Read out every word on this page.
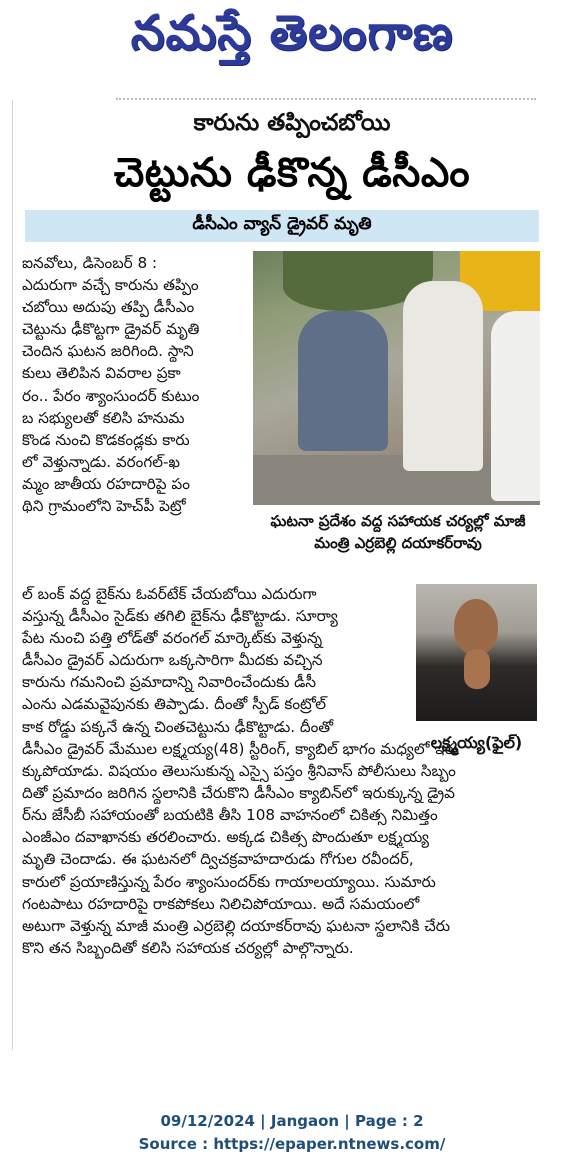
నమస్తే తెలంగాణ
కారును తప్పించబోయి
చెట్టును ఢీకొన్న డీసీఎం
డీసీఎం వ్యాన్ డ్రైవర్ మృతి
ఐనవోలు, డిసెంబర్ 8 :
ఎదురుగా వచ్చే కారును తప్పిం
చబోయి అదుపు తప్పి డీసీఎం
చెట్టును ఢీకొట్టగా డ్రైవర్ మృతి
చెందిన ఘటన జరిగింది. స్థాని
కులు తెలిపిన వివరాల ప్రకా
రం.. పేరం శ్యాంసుందర్ కుటుం
బ సభ్యులతో కలిసి హనుమ
కొండ నుంచి కొడకండ్లకు కారు
లో వెళ్తున్నాడు. వరంగల్-ఖ
మ్మం జాతీయ రహదారిపై పం
థిని గ్రామంలోని హెచ్‌పీ పెట్రో
ఘటనా ప్రదేశం వద్ద సహాయక చర్యల్లో మాజీ మంత్రి ఎర్రబెల్లి దయాకర్‌రావు
ల్ బంక్ వద్ద బైక్‌ను ఓవర్‌టేక్ చేయబోయి ఎదురుగా
వస్తున్న డీసీఎం సైడ్‌కు తగిలి బైక్‌ను ఢీకొట్టాడు. సూర్యా
పేట నుంచి పత్తి లోడ్‌తో వరంగల్ మార్కెట్‌కు వెళ్తున్న
డీసీఎం డ్రైవర్ ఎదురుగా ఒక్కసారిగా మీదకు వచ్చిన
కారును గమనించి ప్రమాదాన్ని నివారించేందుకు డీసీ
ఎంను ఎడమవైపునకు తిప్పాడు. దీంతో స్పీడ్ కంట్రోల్
కాక రోడ్డు పక్కనే ఉన్న చింతచెట్టును ఢీకొట్టాడు. దీంతో
లక్ష్మయ్య(ఫైల్)
డీసీఎం డ్రైవర్ మేముల లక్ష్మయ్య(48) స్టీరింగ్, క్యాబిల్ భాగం మధ్యలో ఇరు
క్కుపోయాడు. విషయం తెలుసుకున్న ఎస్సై పస్తం శ్రీనివాస్ పోలీసులు సిబ్బం
దితో ప్రమాదం జరిగిన స్థలానికి చేరుకొని డీసీఎం క్యాబిన్‌లో ఇరుక్కున్న డ్రైవ
ర్‌ను జేసీబీ సహాయంతో బయటికి తీసి 108 వాహనంలో చికిత్స నిమిత్తం
ఎంజీఎం దవాఖానకు తరలించారు. అక్కడ చికిత్స పొందుతూ లక్ష్మయ్య
మృతి చెందాడు. ఈ ఘటనలో ద్విచక్రవాహదారుడు గోగుల రవీందర్,
కారులో ప్రయాణిస్తున్న పేరం శ్యాంసుందర్‌కు గాయాలయ్యాయి. సుమారు
గంటపాటు రహదారిపై రాకపోకలు నిలిచిపోయాయి. అదే సమయంలో
అటుగా వెళ్తున్న మాజీ మంత్రి ఎర్రబెల్లి దయాకర్‌రావు ఘటనా స్థలానికి చేరు
కొని తన సిబ్బందితో కలిసి సహాయక చర్యల్లో పాల్గొన్నారు.
09/12/2024 | Jangaon | Page : 2
Source : https://epaper.ntnews.com/
